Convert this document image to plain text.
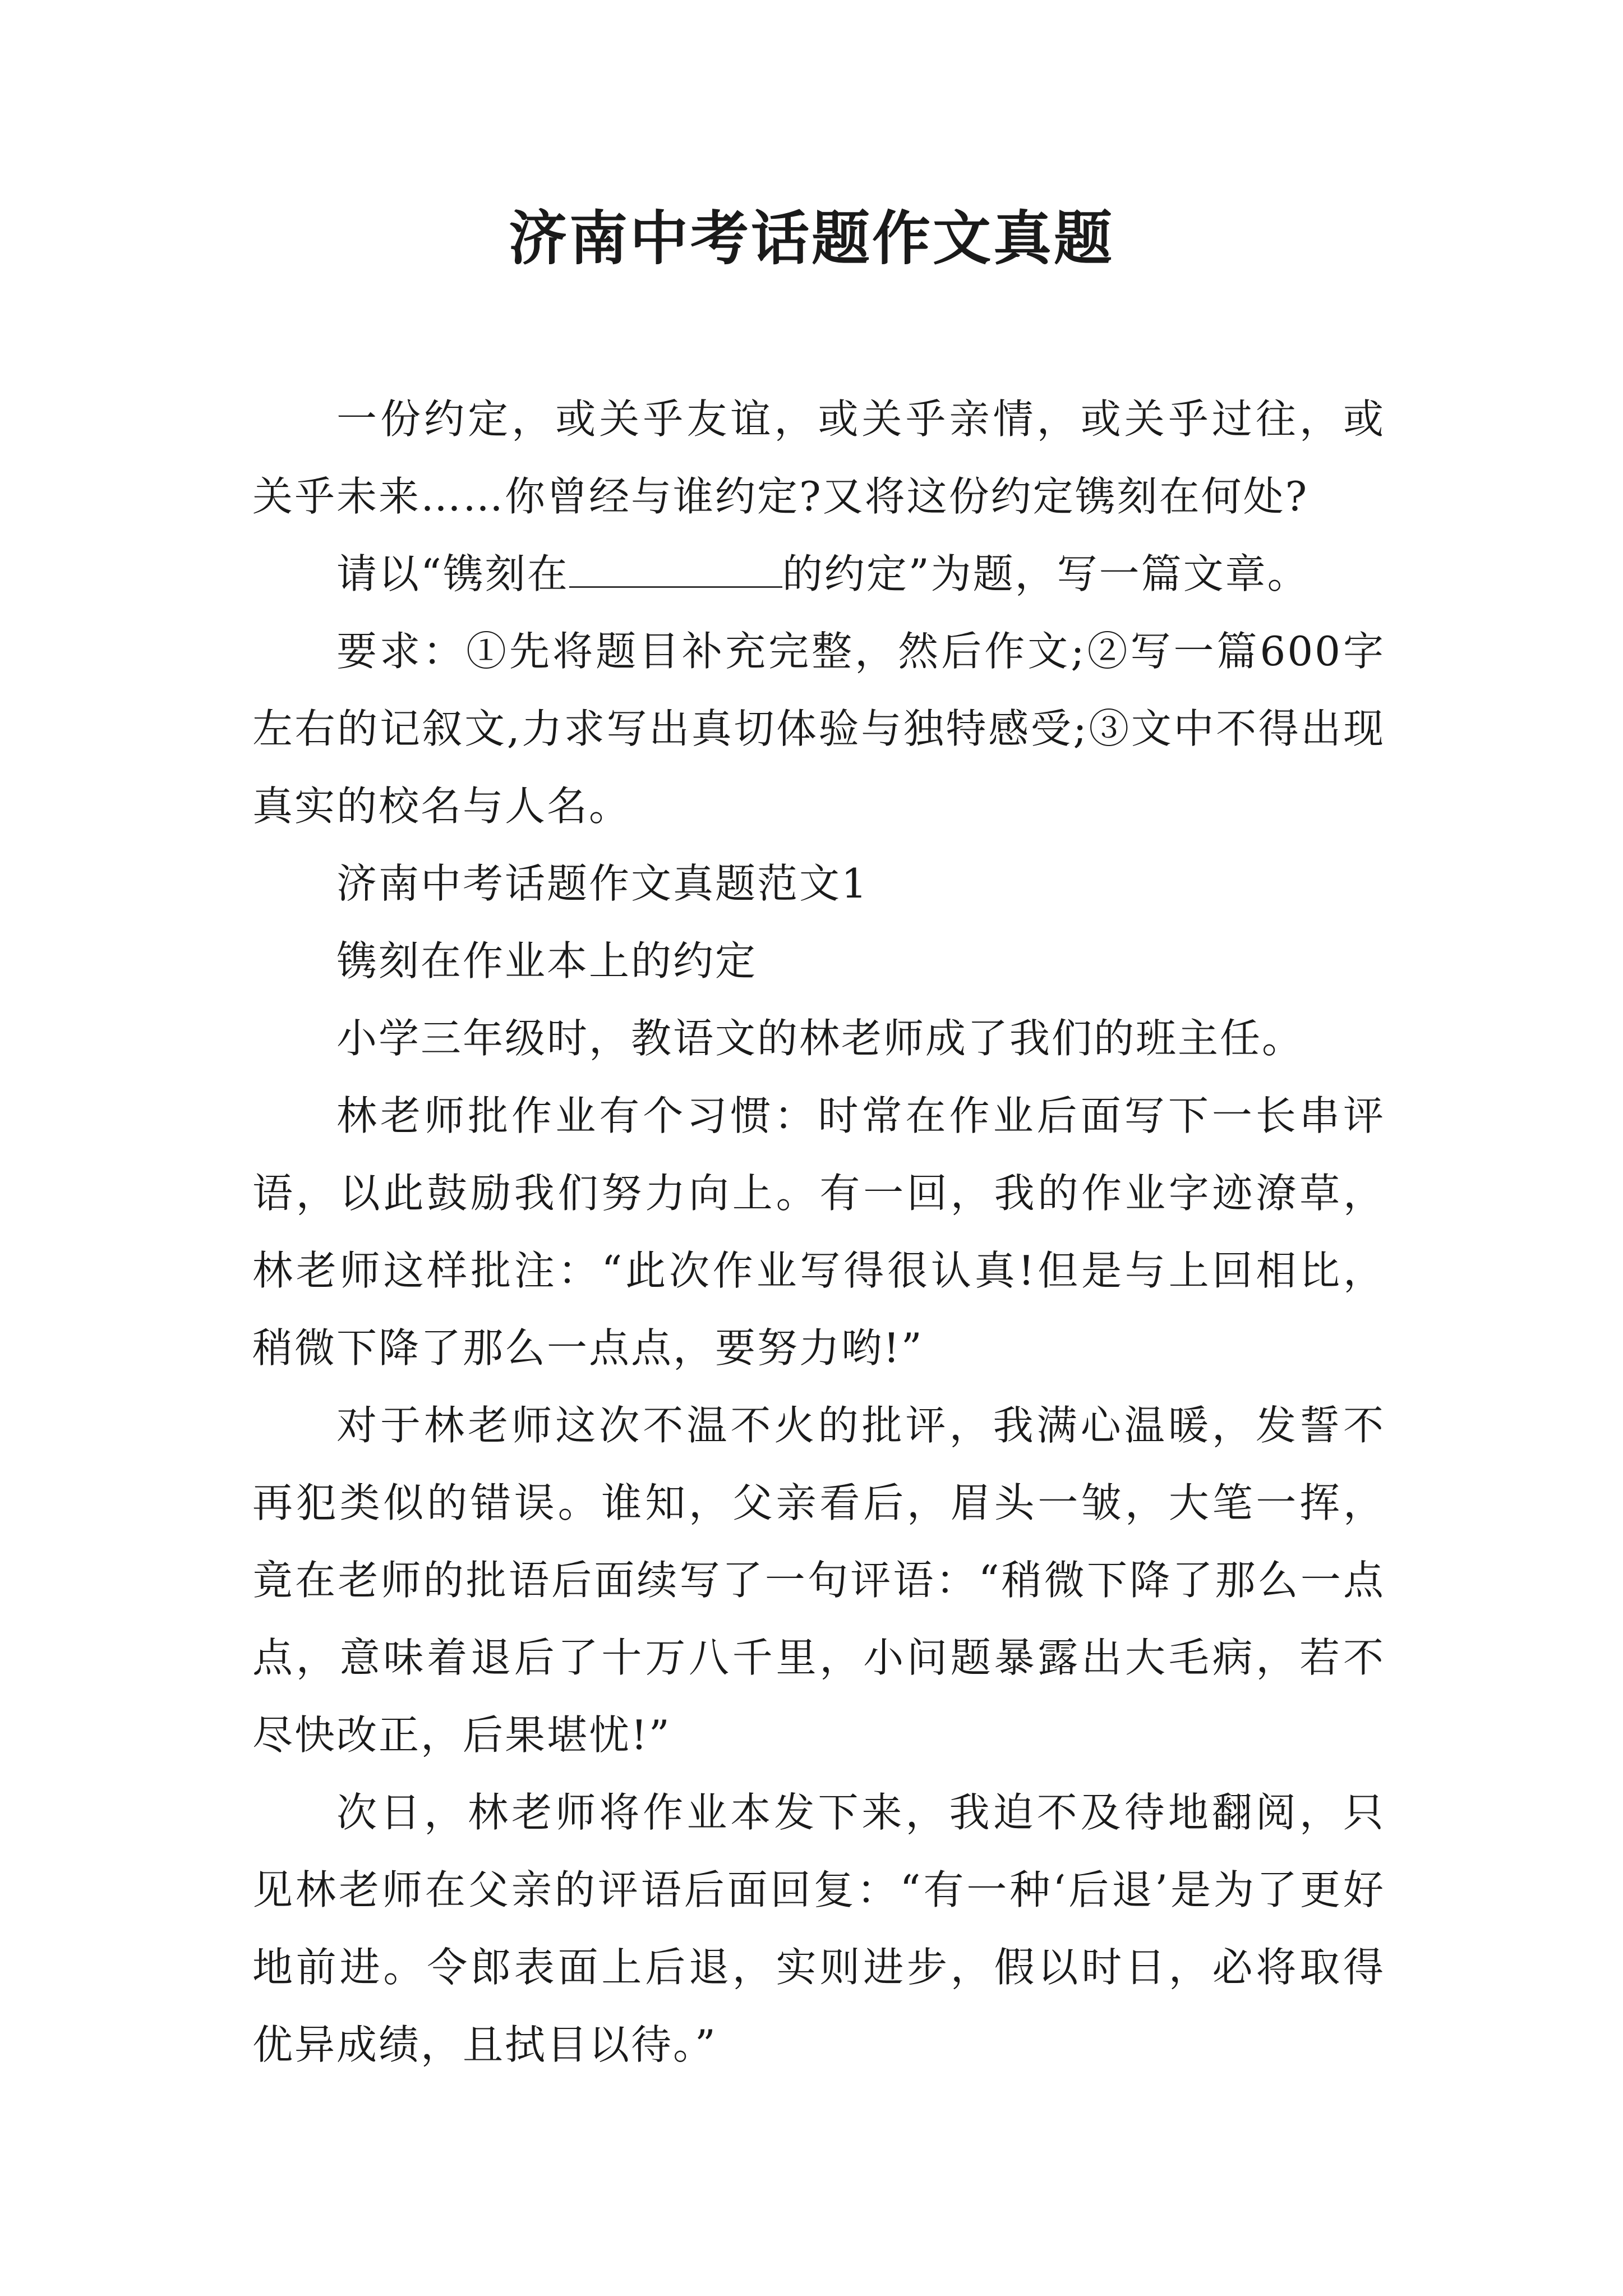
济南中考话题作文真题

一份约定，或关乎友谊，或关乎亲情，或关乎过往，或关乎未来……你曾经与谁约定?又将这份约定镌刻在何处?

请以“镌刻在	的约定”为题，写一篇文章。

要求：①先将题目补充完整，然后作文;②写一篇600字左右的记叙文,力求写出真切体验与独特感受;③文中不得出现真实的校名与人名。

济南中考话题作文真题范文1

镌刻在作业本上的约定

小学三年级时，教语文的林老师成了我们的班主任。

林老师批作业有个习惯：时常在作业后面写下一长串评语，以此鼓励我们努力向上。有一回，我的作业字迹潦草，林老师这样批注：“此次作业写得很认真!但是与上回相比，稍微下降了那么一点点，要努力哟!”

对于林老师这次不温不火的批评，我满心温暖，发誓不再犯类似的错误。谁知，父亲看后，眉头一皱，大笔一挥，竟在老师的批语后面续写了一句评语：“稍微下降了那么一点点，意味着退后了十万八千里，小问题暴露出大毛病，若不尽快改正，后果堪忧!”

次日，林老师将作业本发下来，我迫不及待地翻阅，只见林老师在父亲的评语后面回复：“有一种‘后退’是为了更好地前进。令郎表面上后退，实则进步，假以时日，必将取得优异成绩，且拭目以待。”
